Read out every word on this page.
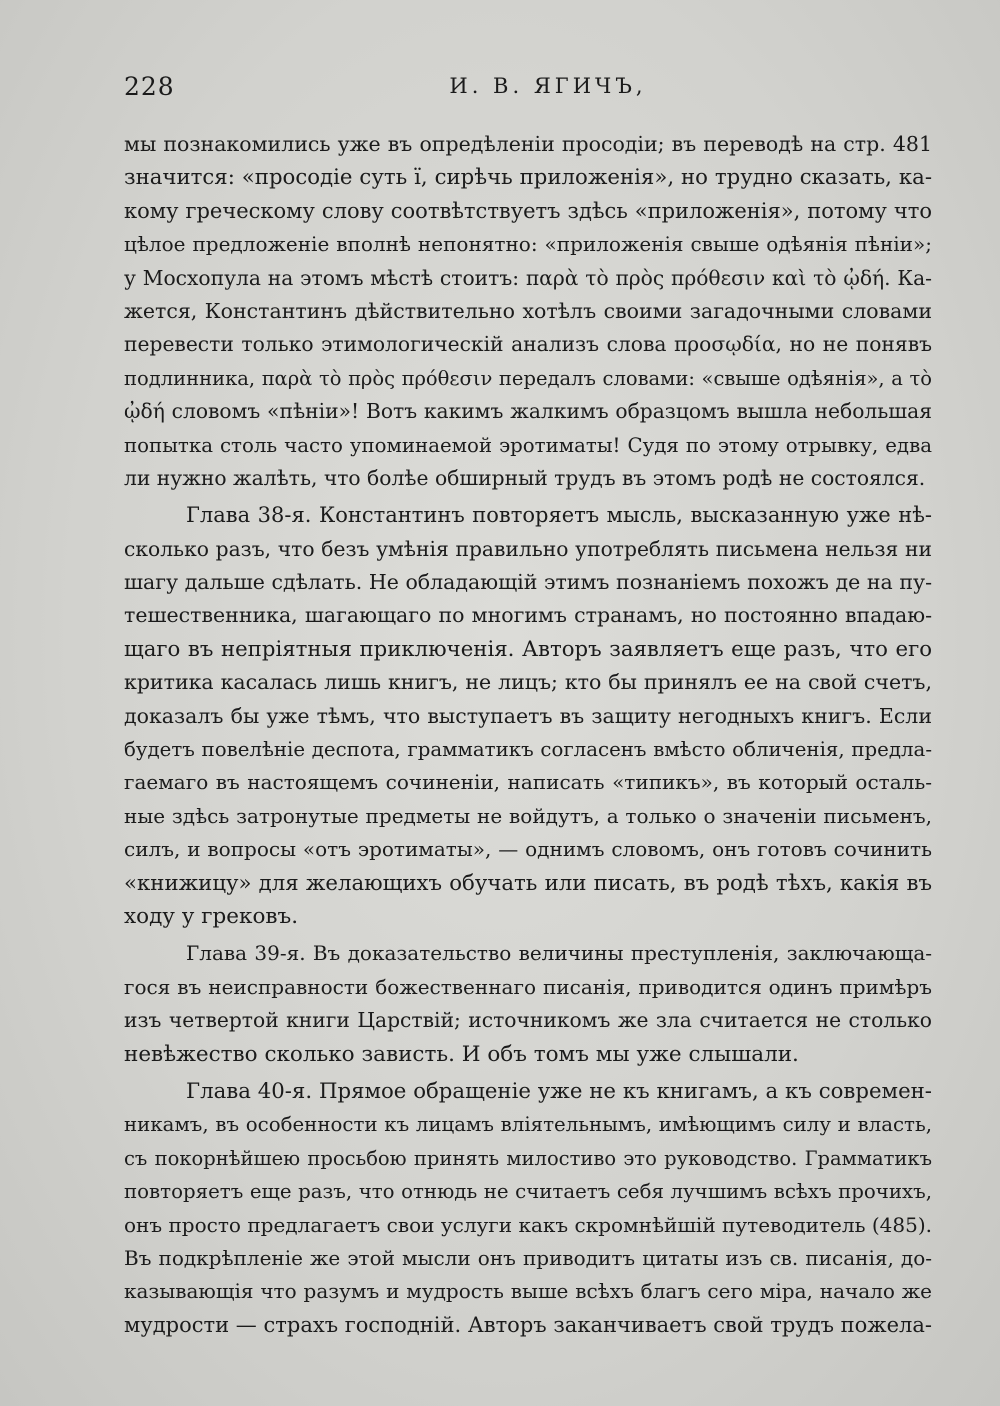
228	И. В. ЯГИЧЪ,
мы познакомились уже въ опредѣленіи просодіи; въ переводѣ на стр. 481
значится: «просодіе суть ї, сирѣчь приложенія», но трудно сказать, ка-
кому греческому слову соотвѣтствуетъ здѣсь «приложенія», потому что
цѣлое предложеніе вполнѣ непонятно: «приложенія свыше одѣянія пѣніи»;
у Мосхопула на этомъ мѣстѣ стоитъ: παρὰ τὸ πρὸς πρόθεσιν καὶ τὸ ᾠδή. Ка-
жется, Константинъ дѣйствительно хотѣлъ своими загадочными словами
перевести только этимологическій анализъ слова προσῳδία, но не понявъ
подлинника, παρὰ τὸ πρὸς πρόθεσιν передалъ словами: «свыше одѣянія», а τὸ
ᾠδή словомъ «пѣніи»! Вотъ какимъ жалкимъ образцомъ вышла небольшая
попытка столь часто упоминаемой эротиматы! Судя по этому отрывку, едва
ли нужно жалѣть, что болѣе обширный трудъ въ этомъ родѣ не состоялся.
Глава 38-я. Константинъ повторяетъ мысль, высказанную уже нѣ-
сколько разъ, что безъ умѣнія правильно употреблять письмена нельзя ни
шагу дальше сдѣлать. Не обладающій этимъ познаніемъ похожъ де на пу-
тешественника, шагающаго по многимъ странамъ, но постоянно впадаю-
щаго въ непріятныя приключенія. Авторъ заявляетъ еще разъ, что его
критика касалась лишь книгъ, не лицъ; кто бы принялъ ее на свой счетъ,
доказалъ бы уже тѣмъ, что выступаетъ въ защиту негодныхъ книгъ. Если
будетъ повелѣніе деспота, грамматикъ согласенъ вмѣсто обличенія, предла-
гаемаго въ настоящемъ сочиненіи, написать «типикъ», въ который осталь-
ные здѣсь затронутые предметы не войдутъ, а только о значеніи письменъ,
силъ, и вопросы «отъ эротиматы», — однимъ словомъ, онъ готовъ сочинить
«книжицу» для желающихъ обучать или писать, въ родѣ тѣхъ, какія въ
ходу у грековъ.
Глава 39-я. Въ доказательство величины преступленія, заключающа-
гося въ неисправности божественнаго писанія, приводится одинъ примѣръ
изъ четвертой книги Царствій; источникомъ же зла считается не столько
невѣжество сколько зависть. И объ томъ мы уже слышали.
Глава 40-я. Прямое обращеніе уже не къ книгамъ, а къ современ-
никамъ, въ особенности къ лицамъ вліятельнымъ, имѣющимъ силу и власть,
съ покорнѣйшею просьбою принять милостиво это руководство. Грамматикъ
повторяетъ еще разъ, что отнюдь не считаетъ себя лучшимъ всѣхъ прочихъ,
онъ просто предлагаетъ свои услуги какъ скромнѣйшій путеводитель (485).
Въ подкрѣпленіе же этой мысли онъ приводитъ цитаты изъ св. писанія, до-
казывающія что разумъ и мудрость выше всѣхъ благъ сего міра, начало же
мудрости — страхъ господній. Авторъ заканчиваетъ свой трудъ пожела-
